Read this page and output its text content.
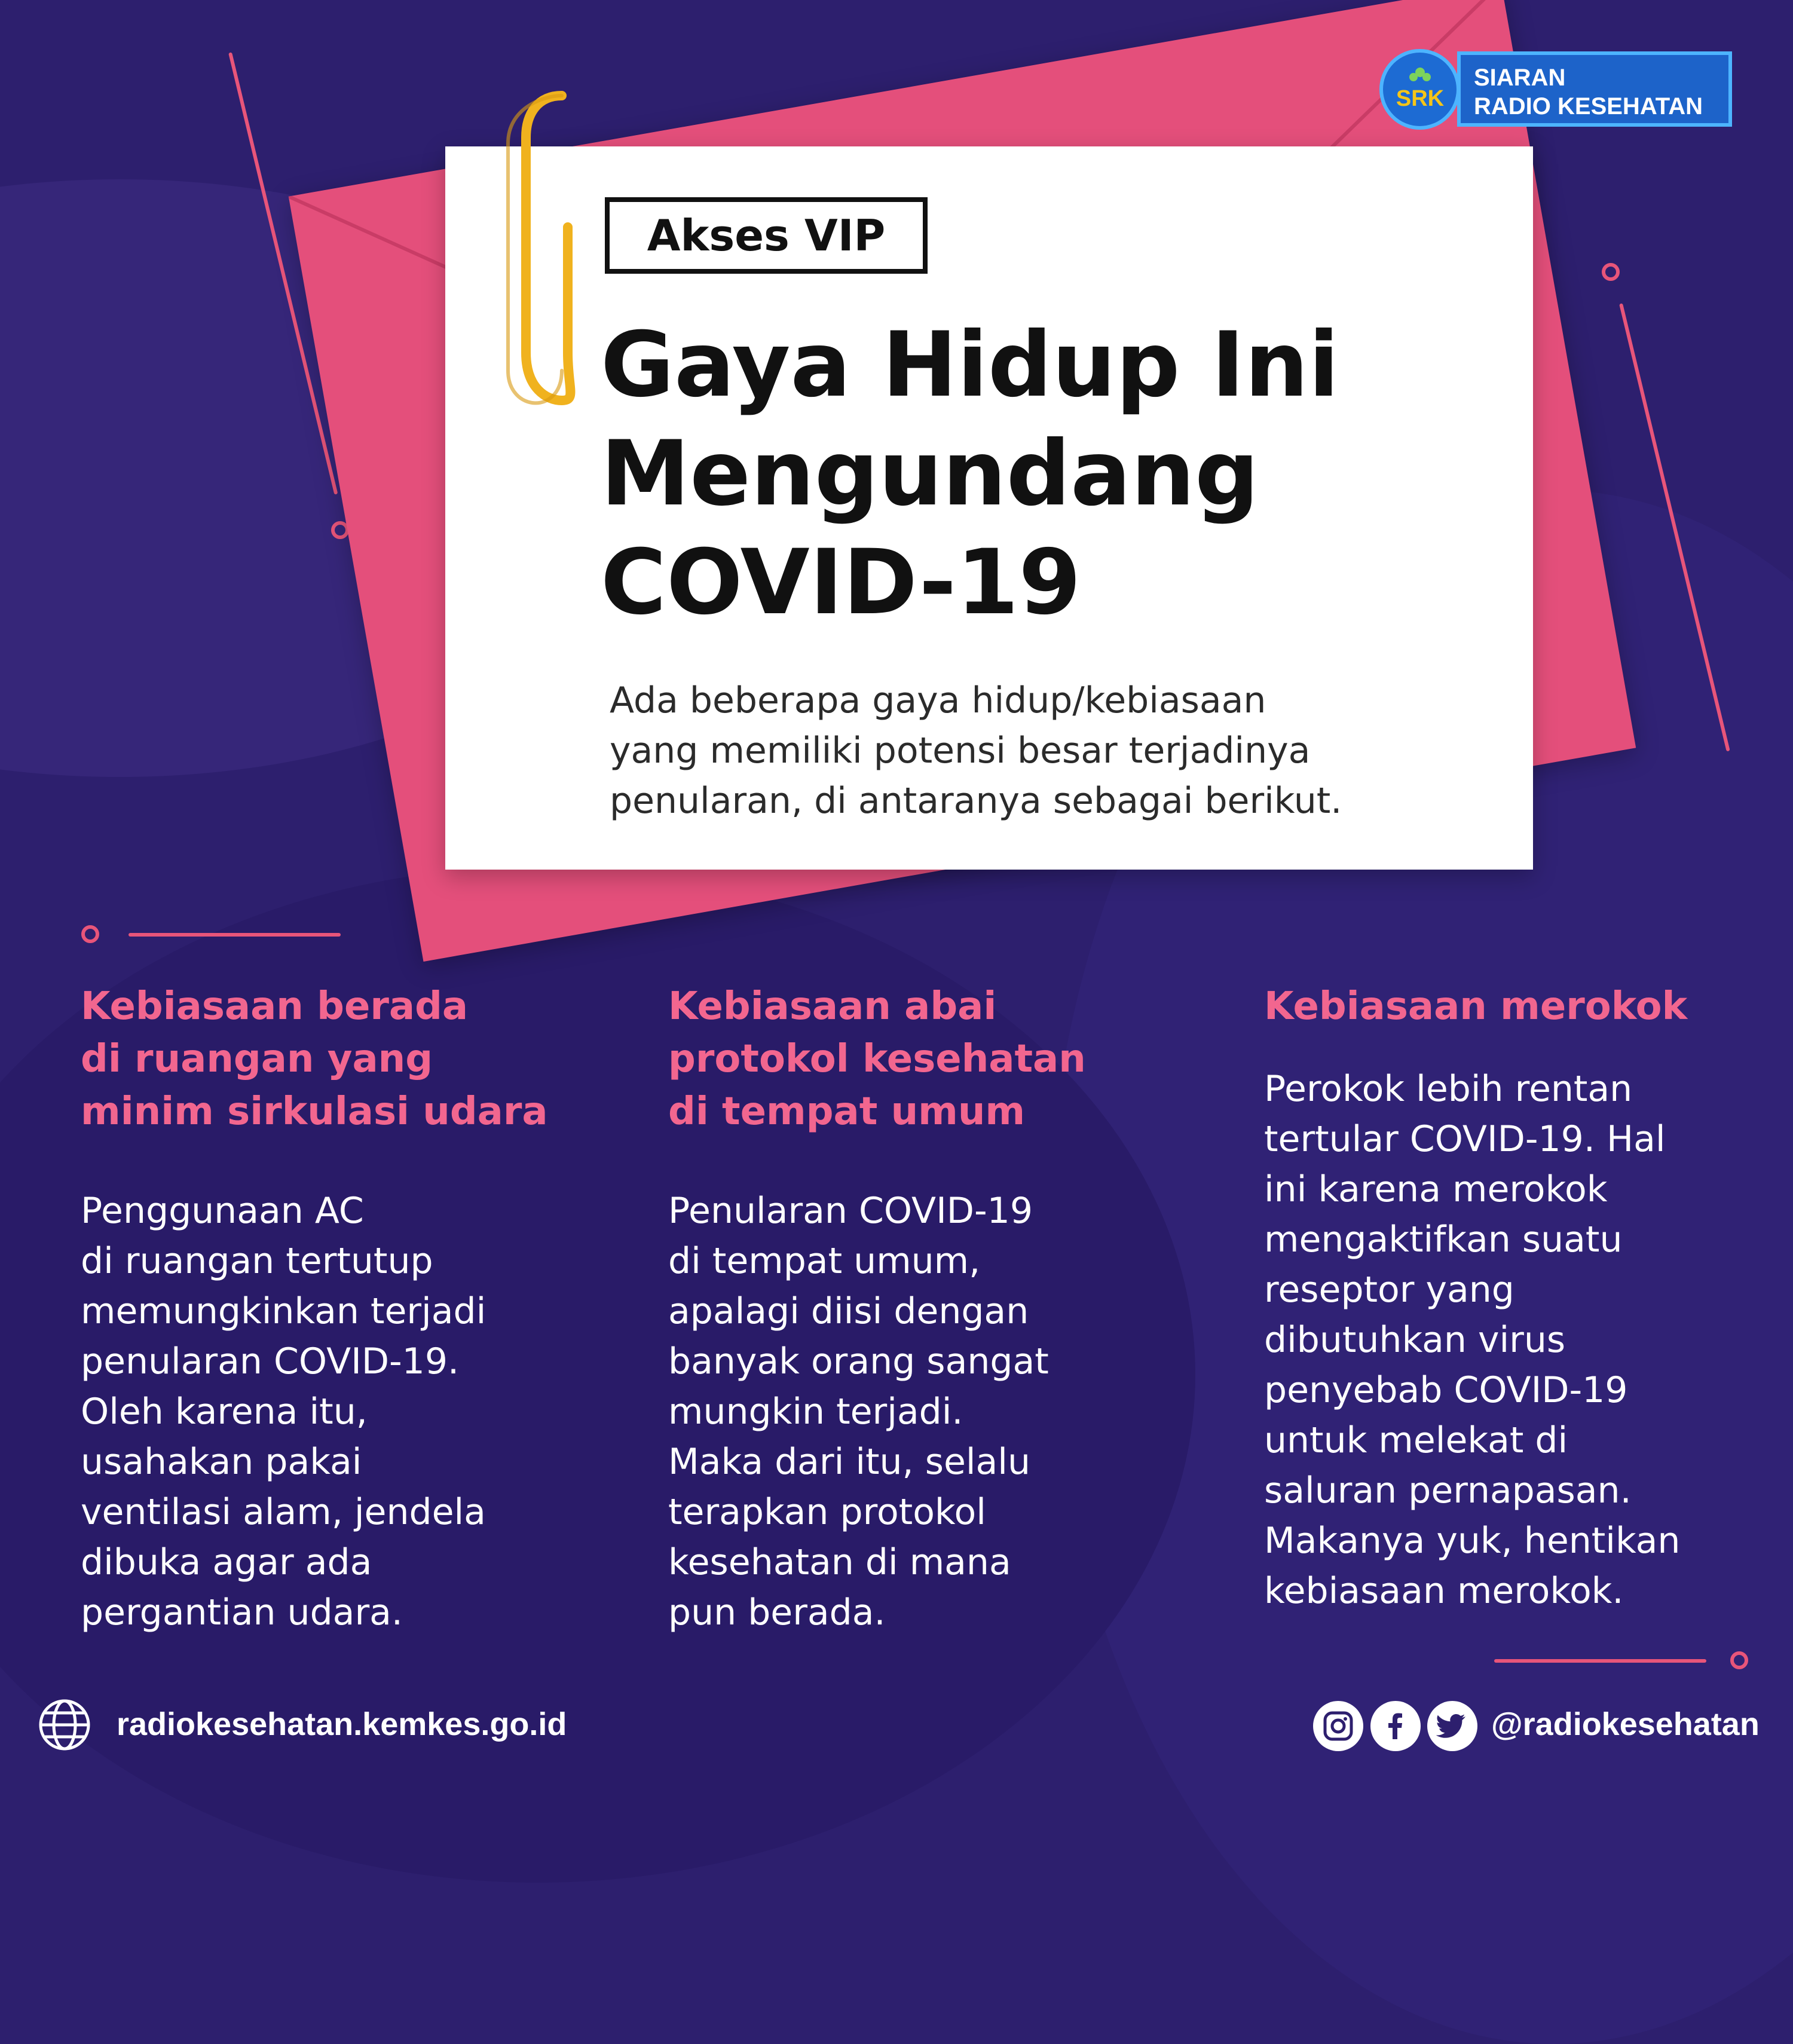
Akses VIP
Gaya Hidup Ini
Mengundang
COVID-19

Ada beberapa gaya hidup/kebiasaan
yang memiliki potensi besar terjadinya
penularan, di antaranya sebagai berikut.

SRK
SIARAN
RADIO KESEHATAN
Kebiasaan berada
di ruangan yang
minim sirkulasi udara

Penggunaan AC
di ruangan tertutup
memungkinkan terjadi
penularan COVID-19.
Oleh karena itu,
usahakan pakai
ventilasi alam, jendela
dibuka agar ada
pergantian udara.

Kebiasaan abai
protokol kesehatan
di tempat umum

Penularan COVID-19
di tempat umum,
apalagi diisi dengan
banyak orang sangat
mungkin terjadi.
Maka dari itu, selalu
terapkan protokol
kesehatan di mana
pun berada.

Kebiasaan merokok

Perokok lebih rentan
tertular COVID-19. Hal
ini karena merokok
mengaktifkan suatu
reseptor yang
dibutuhkan virus
penyebab COVID-19
untuk melekat di
saluran pernapasan.
Makanya yuk, hentikan
kebiasaan merokok.

radiokesehatan.kemkes.go.id	@radiokesehatan
